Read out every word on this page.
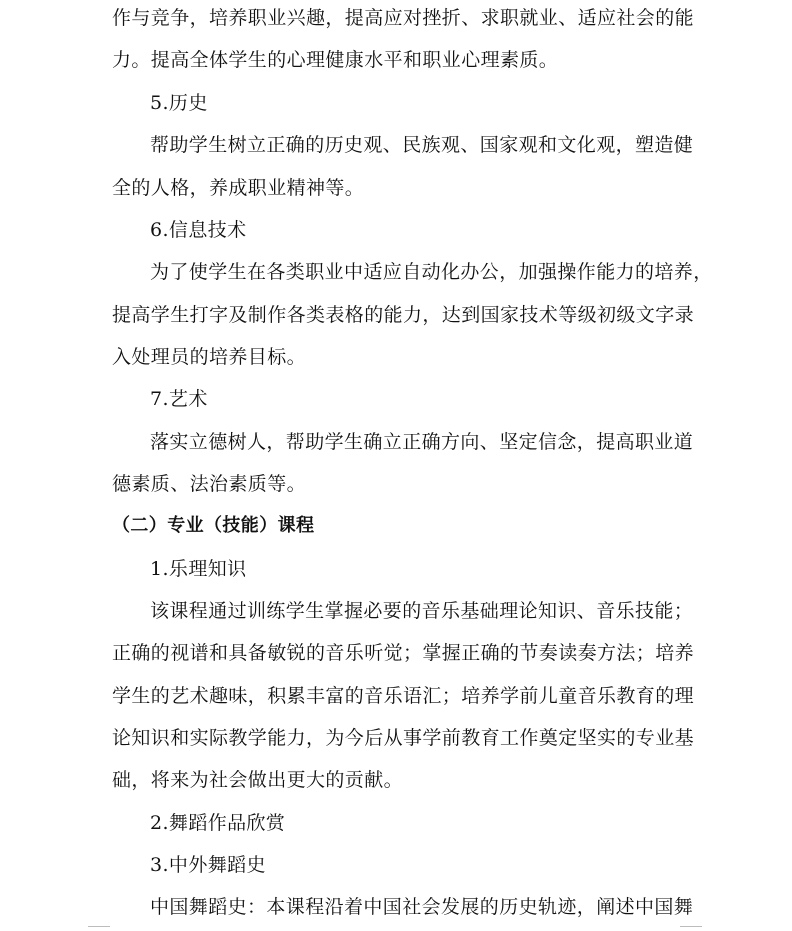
作与竞争，培养职业兴趣，提高应对挫折、求职就业、适应社会的能
力。提高全体学生的心理健康水平和职业心理素质。
5.历史
帮助学生树立正确的历史观、民族观、国家观和文化观，塑造健
全的人格，养成职业精神等。
6.信息技术
为了使学生在各类职业中适应自动化办公，加强操作能力的培养，
提高学生打字及制作各类表格的能力，达到国家技术等级初级文字录
入处理员的培养目标。
7.艺术
落实立德树人，帮助学生确立正确方向、坚定信念，提高职业道
德素质、法治素质等。
（二）专业（技能）课程
1.乐理知识
该课程通过训练学生掌握必要的音乐基础理论知识、音乐技能；
正确的视谱和具备敏锐的音乐听觉；掌握正确的节奏读奏方法；培养
学生的艺术趣味，积累丰富的音乐语汇；培养学前儿童音乐教育的理
论知识和实际教学能力，为今后从事学前教育工作奠定坚实的专业基
础，将来为社会做出更大的贡献。
2.舞蹈作品欣赏
3.中外舞蹈史
中国舞蹈史：本课程沿着中国社会发展的历史轨迹，阐述中国舞
